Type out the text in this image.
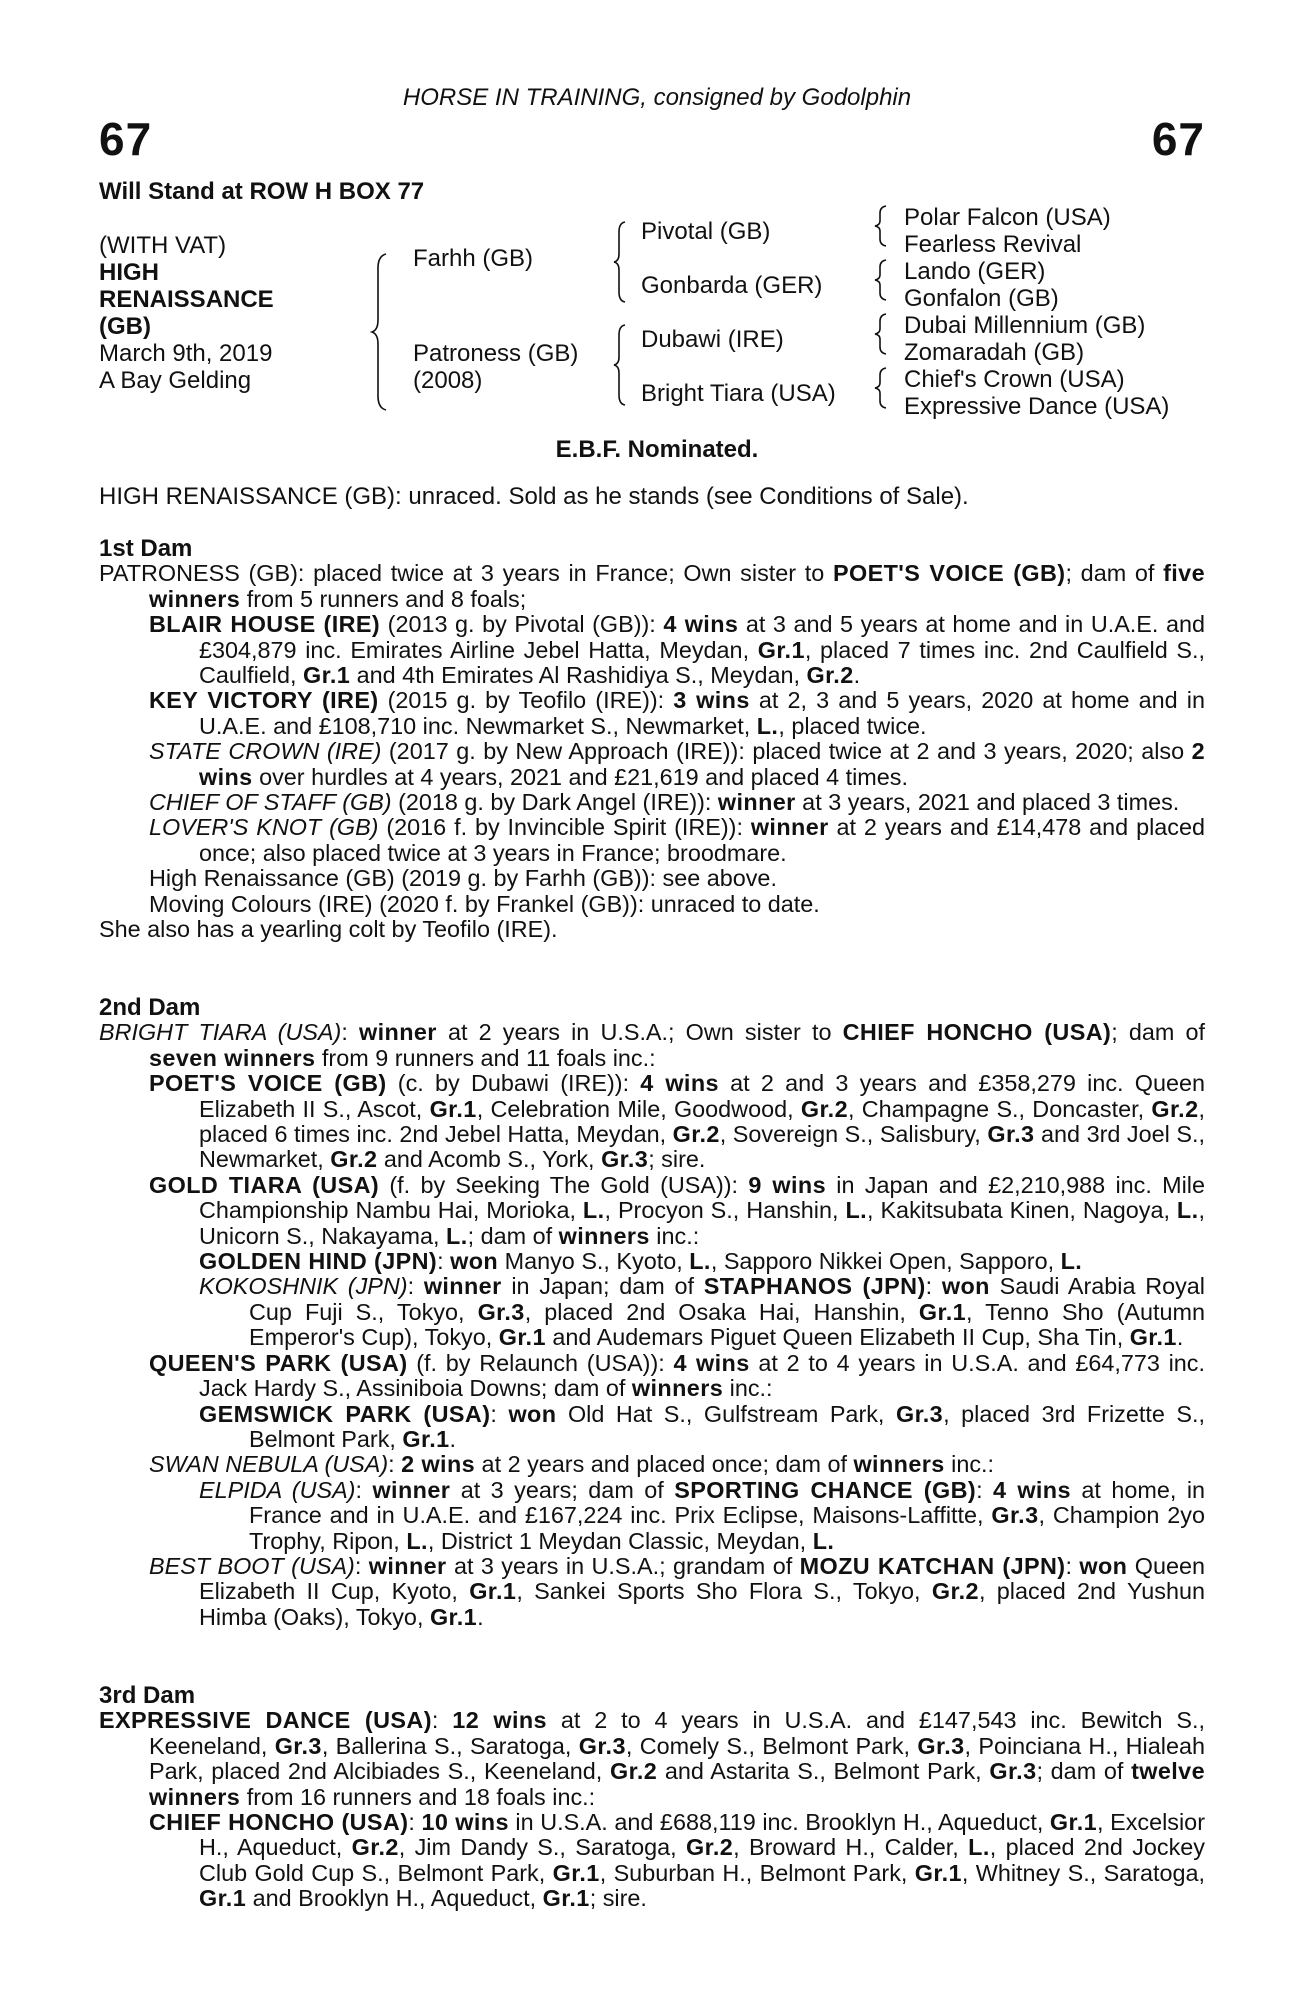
HORSE IN TRAINING, consigned by Godolphin
67	67
Will Stand at ROW H BOX 77
(WITH VAT)
HIGH
RENAISSANCE
(GB)
March 9th, 2019
A Bay Gelding
Farhh (GB)
Patroness (GB)
(2008)
Pivotal (GB)
Gonbarda (GER)
Dubawi (IRE)
Bright Tiara (USA)
Polar Falcon (USA)
Fearless Revival
Lando (GER)
Gonfalon (GB)
Dubai Millennium (GB)
Zomaradah (GB)
Chief's Crown (USA)
Expressive Dance (USA)
E.B.F. Nominated.
HIGH RENAISSANCE (GB): unraced. Sold as he stands (see Conditions of Sale).
1st Dam

PATRONESS (GB): placed twice at 3 years in France; Own sister to POET'S VOICE (GB); dam of five winners from 5 runners and 8 foals;

BLAIR HOUSE (IRE) (2013 g. by Pivotal (GB)): 4 wins at 3 and 5 years at home and in U.A.E. and £304,879 inc. Emirates Airline Jebel Hatta, Meydan, Gr.1, placed 7 times inc. 2nd Caulfield S., Caulfield, Gr.1 and 4th Emirates Al Rashidiya S., Meydan, Gr.2.

KEY VICTORY (IRE) (2015 g. by Teofilo (IRE)): 3 wins at 2, 3 and 5 years, 2020 at home and in U.A.E. and £108,710 inc. Newmarket S., Newmarket, L., placed twice.

STATE CROWN (IRE) (2017 g. by New Approach (IRE)): placed twice at 2 and 3 years, 2020; also 2 wins over hurdles at 4 years, 2021 and £21,619 and placed 4 times.

CHIEF OF STAFF (GB) (2018 g. by Dark Angel (IRE)): winner at 3 years, 2021 and placed 3 times.

LOVER'S KNOT (GB) (2016 f. by Invincible Spirit (IRE)): winner at 2 years and £14,478 and placed once; also placed twice at 3 years in France; broodmare.

High Renaissance (GB) (2019 g. by Farhh (GB)): see above.

Moving Colours (IRE) (2020 f. by Frankel (GB)): unraced to date.

She also has a yearling colt by Teofilo (IRE).

2nd Dam

BRIGHT TIARA (USA): winner at 2 years in U.S.A.; Own sister to CHIEF HONCHO (USA); dam of seven winners from 9 runners and 11 foals inc.:

POET'S VOICE (GB) (c. by Dubawi (IRE)): 4 wins at 2 and 3 years and £358,279 inc. Queen Elizabeth II S., Ascot, Gr.1, Celebration Mile, Goodwood, Gr.2, Champagne S., Doncaster, Gr.2, placed 6 times inc. 2nd Jebel Hatta, Meydan, Gr.2, Sovereign S., Salisbury, Gr.3 and 3rd Joel S., Newmarket, Gr.2 and Acomb S., York, Gr.3; sire.

GOLD TIARA (USA) (f. by Seeking The Gold (USA)): 9 wins in Japan and £2,210,988 inc. Mile Championship Nambu Hai, Morioka, L., Procyon S., Hanshin, L., Kakitsubata Kinen, Nagoya, L., Unicorn S., Nakayama, L.; dam of winners inc.:

GOLDEN HIND (JPN): won Manyo S., Kyoto, L., Sapporo Nikkei Open, Sapporo, L.

KOKOSHNIK (JPN): winner in Japan; dam of STAPHANOS (JPN): won Saudi Arabia Royal Cup Fuji S., Tokyo, Gr.3, placed 2nd Osaka Hai, Hanshin, Gr.1, Tenno Sho (Autumn Emperor's Cup), Tokyo, Gr.1 and Audemars Piguet Queen Elizabeth II Cup, Sha Tin, Gr.1.

QUEEN'S PARK (USA) (f. by Relaunch (USA)): 4 wins at 2 to 4 years in U.S.A. and £64,773 inc. Jack Hardy S., Assiniboia Downs; dam of winners inc.:

GEMSWICK PARK (USA): won Old Hat S., Gulfstream Park, Gr.3, placed 3rd Frizette S., Belmont Park, Gr.1.

SWAN NEBULA (USA): 2 wins at 2 years and placed once; dam of winners inc.:

ELPIDA (USA): winner at 3 years; dam of SPORTING CHANCE (GB): 4 wins at home, in France and in U.A.E. and £167,224 inc. Prix Eclipse, Maisons-Laffitte, Gr.3, Champion 2yo Trophy, Ripon, L., District 1 Meydan Classic, Meydan, L.

BEST BOOT (USA): winner at 3 years in U.S.A.; grandam of MOZU KATCHAN (JPN): won Queen Elizabeth II Cup, Kyoto, Gr.1, Sankei Sports Sho Flora S., Tokyo, Gr.2, placed 2nd Yushun Himba (Oaks), Tokyo, Gr.1.

3rd Dam

EXPRESSIVE DANCE (USA): 12 wins at 2 to 4 years in U.S.A. and £147,543 inc. Bewitch S., Keeneland, Gr.3, Ballerina S., Saratoga, Gr.3, Comely S., Belmont Park, Gr.3, Poinciana H., Hialeah Park, placed 2nd Alcibiades S., Keeneland, Gr.2 and Astarita S., Belmont Park, Gr.3; dam of twelve winners from 16 runners and 18 foals inc.:

CHIEF HONCHO (USA): 10 wins in U.S.A. and £688,119 inc. Brooklyn H., Aqueduct, Gr.1, Excelsior H., Aqueduct, Gr.2, Jim Dandy S., Saratoga, Gr.2, Broward H., Calder, L., placed 2nd Jockey Club Gold Cup S., Belmont Park, Gr.1, Suburban H., Belmont Park, Gr.1, Whitney S., Saratoga, Gr.1 and Brooklyn H., Aqueduct, Gr.1; sire.
